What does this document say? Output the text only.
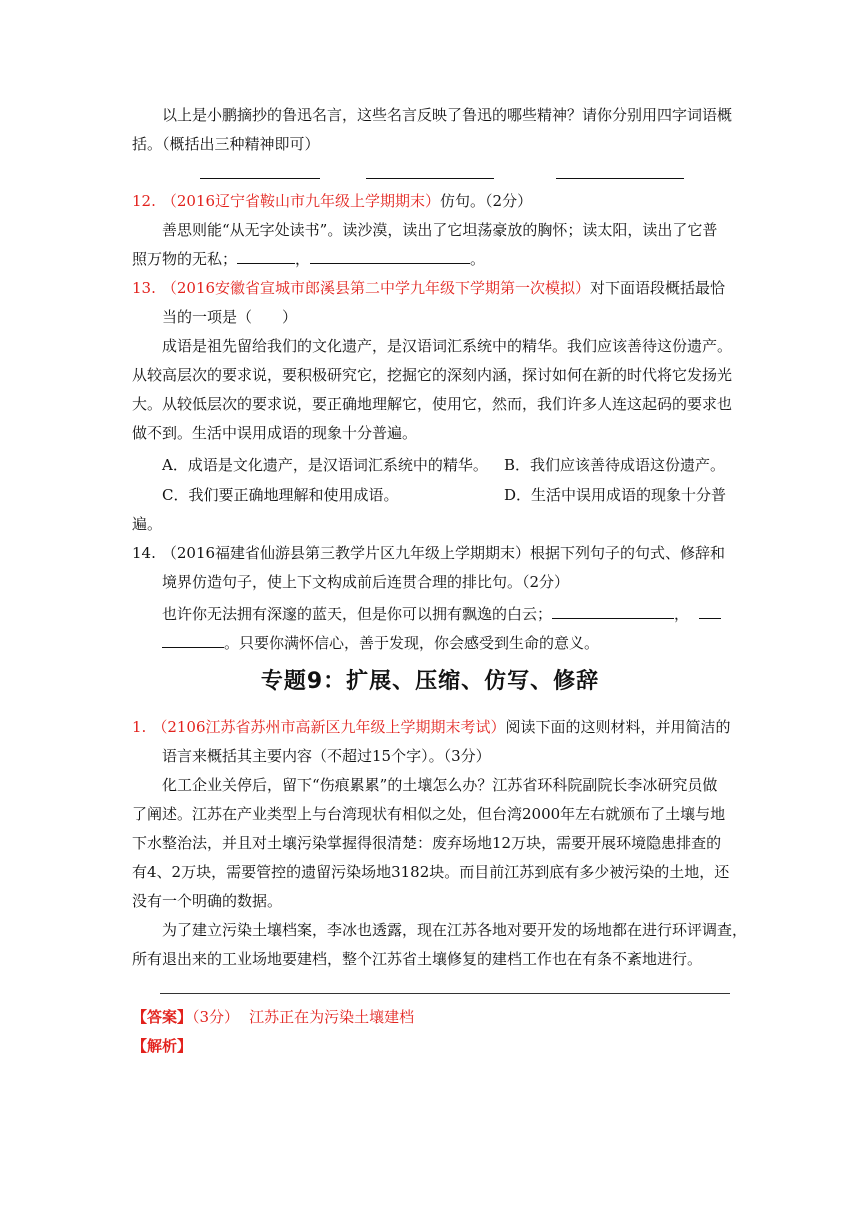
以上是小鹏摘抄的鲁迅名言，这些名言反映了鲁迅的哪些精神？请你分别用四字词语概
括。（概括出三种精神即可）
12. （2016辽宁省鞍山市九年级上学期期末）仿句。（2分）
善思则能“从无字处读书”。读沙漠，读出了它坦荡豪放的胸怀；读太阳，读出了它普
照万物的无私；	，	。
13. （2016安徽省宣城市郎溪县第二中学九年级下学期第一次模拟）对下面语段概括最恰
当的一项是（　　）
成语是祖先留给我们的文化遗产，是汉语词汇系统中的精华。我们应该善待这份遗产。
从较高层次的要求说，要积极研究它，挖掘它的深刻内涵，探讨如何在新的时代将它发扬光
大。从较低层次的要求说，要正确地理解它，使用它，然而，我们许多人连这起码的要求也
做不到。生活中误用成语的现象十分普遍。
A．成语是文化遗产，是汉语词汇系统中的精华。 B．我们应该善待成语这份遗产。
C．我们要正确地理解和使用成语。	D．生活中误用成语的现象十分普
遍。
14. （2016福建省仙游县第三教学片区九年级上学期期末）根据下列句子的句式、修辞和
境界仿造句子，使上下文构成前后连贯合理的排比句。（2分）
也许你无法拥有深邃的蓝天，但是你可以拥有飘逸的白云；	，
。只要你满怀信心，善于发现，你会感受到生命的意义。
专题9：扩展、压缩、仿写、修辞
1. （2106江苏省苏州市高新区九年级上学期期末考试）阅读下面的这则材料，并用简洁的
语言来概括其主要内容（不超过15个字）。（3分）
化工企业关停后，留下“伤痕累累”的土壤怎么办？江苏省环科院副院长李冰研究员做
了阐述。江苏在产业类型上与台湾现状有相似之处，但台湾2000年左右就颁布了土壤与地
下水整治法，并且对土壤污染掌握得很清楚：废弃场地12万块，需要开展环境隐患排查的
有4、2万块，需要管控的遗留污染场地3182块。而目前江苏到底有多少被污染的土地，还
没有一个明确的数据。
为了建立污染土壤档案，李冰也透露，现在江苏各地对要开发的场地都在进行环评调查，
所有退出来的工业场地要建档，整个江苏省土壤修复的建档工作也在有条不紊地进行。
【答案】（3分） 江苏正在为污染土壤建档
【解析】
